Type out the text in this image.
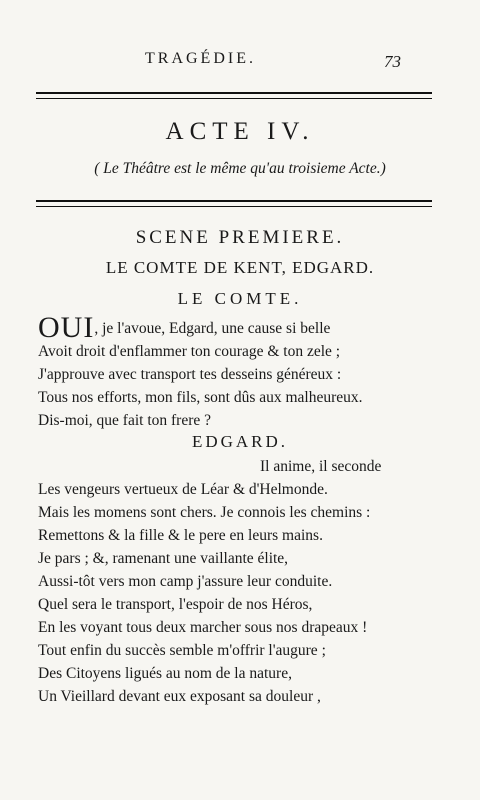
TRAGÉDIE.	73
ACTE IV.
( Le Théâtre est le même qu'au troisieme Acte.)
SCENE PREMIERE.
LE COMTE DE KENT, EDGARD.
LE COMTE.
OUI, je l'avoue, Edgard, une cause si belle
Avoit droit d'enflammer ton courage & ton zele ;
J'approuve avec transport tes desseins généreux :
Tous nos efforts, mon fils, sont dûs aux malheureux.
Dis-moi, que fait ton frere ?
EDGARD.
Il anime, il seconde
Les vengeurs vertueux de Léar & d'Helmonde.
Mais les momens sont chers. Je connois les chemins :
Remettons & la fille & le pere en leurs mains.
Je pars ; &, ramenant une vaillante élite,
Aussi-tôt vers mon camp j'assure leur conduite.
Quel sera le transport, l'espoir de nos Héros,
En les voyant tous deux marcher sous nos drapeaux !
Tout enfin du succès semble m'offrir l'augure ;
Des Citoyens ligués au nom de la nature,
Un Vieillard devant eux exposant sa douleur ,
